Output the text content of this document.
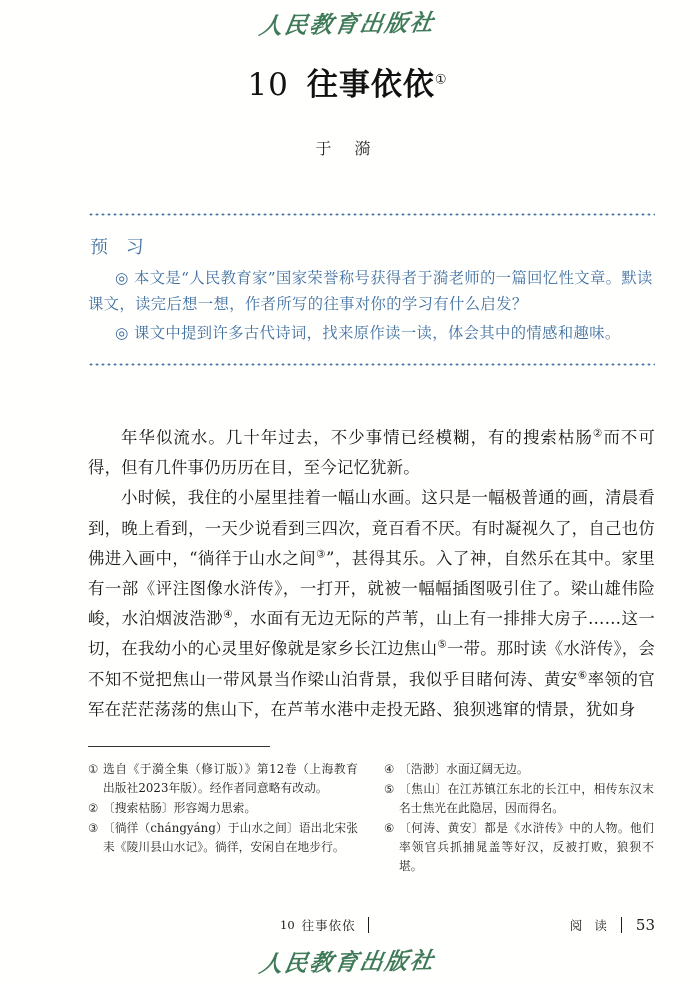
人民教育出版社
10 往事依依①
于 漪
预 习

◎ 本文是“人民教育家”国家荣誉称号获得者于漪老师的一篇回忆性文章。默读课文，读完后想一想，作者所写的往事对你的学习有什么启发？

◎ 课文中提到许多古代诗词，找来原作读一读，体会其中的情感和趣味。

年华似流水。几十年过去，不少事情已经模糊，有的搜索枯肠②而不可得，但有几件事仍历历在目，至今记忆犹新。

小时候，我住的小屋里挂着一幅山水画。这只是一幅极普通的画，清晨看到，晚上看到，一天少说看到三四次，竟百看不厌。有时凝视久了，自己也仿佛进入画中，“徜徉于山水之间③”，甚得其乐。入了神，自然乐在其中。家里有一部《评注图像水浒传》，一打开，就被一幅幅插图吸引住了。梁山雄伟险峻，水泊烟波浩渺④，水面有无边无际的芦苇，山上有一排排大房子……这一切，在我幼小的心灵里好像就是家乡长江边焦山⑤一带。那时读《水浒传》，会不知不觉把焦山一带风景当作梁山泊背景，我似乎目睹何涛、黄安⑥率领的官军在茫茫荡荡的焦山下，在芦苇水港中走投无路、狼狈逃窜的情景，犹如身

① 选自《于漪全集（修订版）》第12卷（上海教育出版社2023年版）。经作者同意略有改动。
② 〔搜索枯肠〕形容竭力思索。
③ 〔徜徉（chángyáng）于山水之间〕语出北宋张耒《陵川县山水记》。徜徉，安闲自在地步行。
④ 〔浩渺〕水面辽阔无边。
⑤ 〔焦山〕在江苏镇江东北的长江中，相传东汉末名士焦光在此隐居，因而得名。
⑥ 〔何涛、黄安〕都是《水浒传》中的人物。他们率领官兵抓捕晁盖等好汉，反被打败，狼狈不堪。
10 往事依依	阅 读 53
人民教育出版社
